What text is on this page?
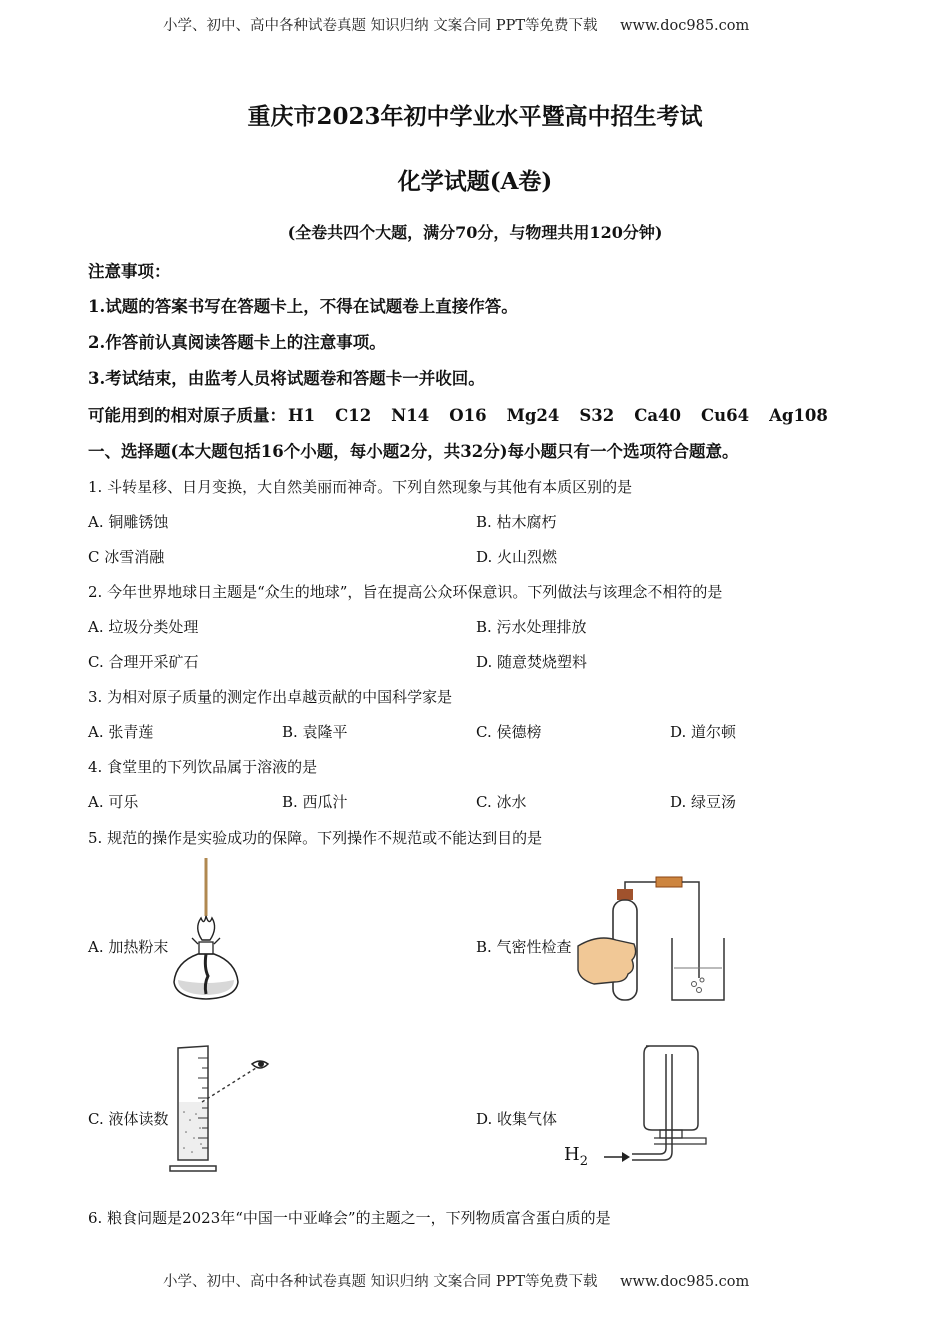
小学、初中、高中各种试卷真题 知识归纳 文案合同 PPT等免费下载 www.doc985.com
重庆市2023年初中学业水平暨高中招生考试
化学试题(A卷)
(全卷共四个大题，满分70分，与物理共用120分钟)
注意事项：
1.试题的答案书写在答题卡上，不得在试题卷上直接作答。
2.作答前认真阅读答题卡上的注意事项。
3.考试结束，由监考人员将试题卷和答题卡一并收回。
可能用到的相对原子质量： H1 C12 N14 O16 Mg24 S32 Ca40 Cu64 Ag108
一、选择题(本大题包括16个小题，每小题2分，共32分)每小题只有一个选项符合题意。
1. 斗转星移、日月变换，大自然美丽而神奇。下列自然现象与其他有本质区别的是
A. 铜雕锈蚀	B. 枯木腐朽
C 冰雪消融	D. 火山烈燃
2. 今年世界地球日主题是“众生的地球”，旨在提高公众环保意识。下列做法与该理念不相符的是
A. 垃圾分类处理	B. 污水处理排放
C. 合理开采矿石	D. 随意焚烧塑料
3. 为相对原子质量的测定作出卓越贡献的中国科学家是
A. 张青莲	B. 袁隆平	C. 侯德榜	D. 道尔顿
4. 食堂里的下列饮品属于溶液的是
A. 可乐	B. 西瓜汁	C. 冰水	D. 绿豆汤
5. 规范的操作是实验成功的保障。下列操作不规范或不能达到目的是
A. 加热粉末	B. 气密性检查
C. 液体读数	D. 收集气体
$H_2$
6. 粮食问题是2023年“中国一中亚峰会”的主题之一，下列物质富含蛋白质的是
小学、初中、高中各种试卷真题 知识归纳 文案合同 PPT等免费下载 www.doc985.com
